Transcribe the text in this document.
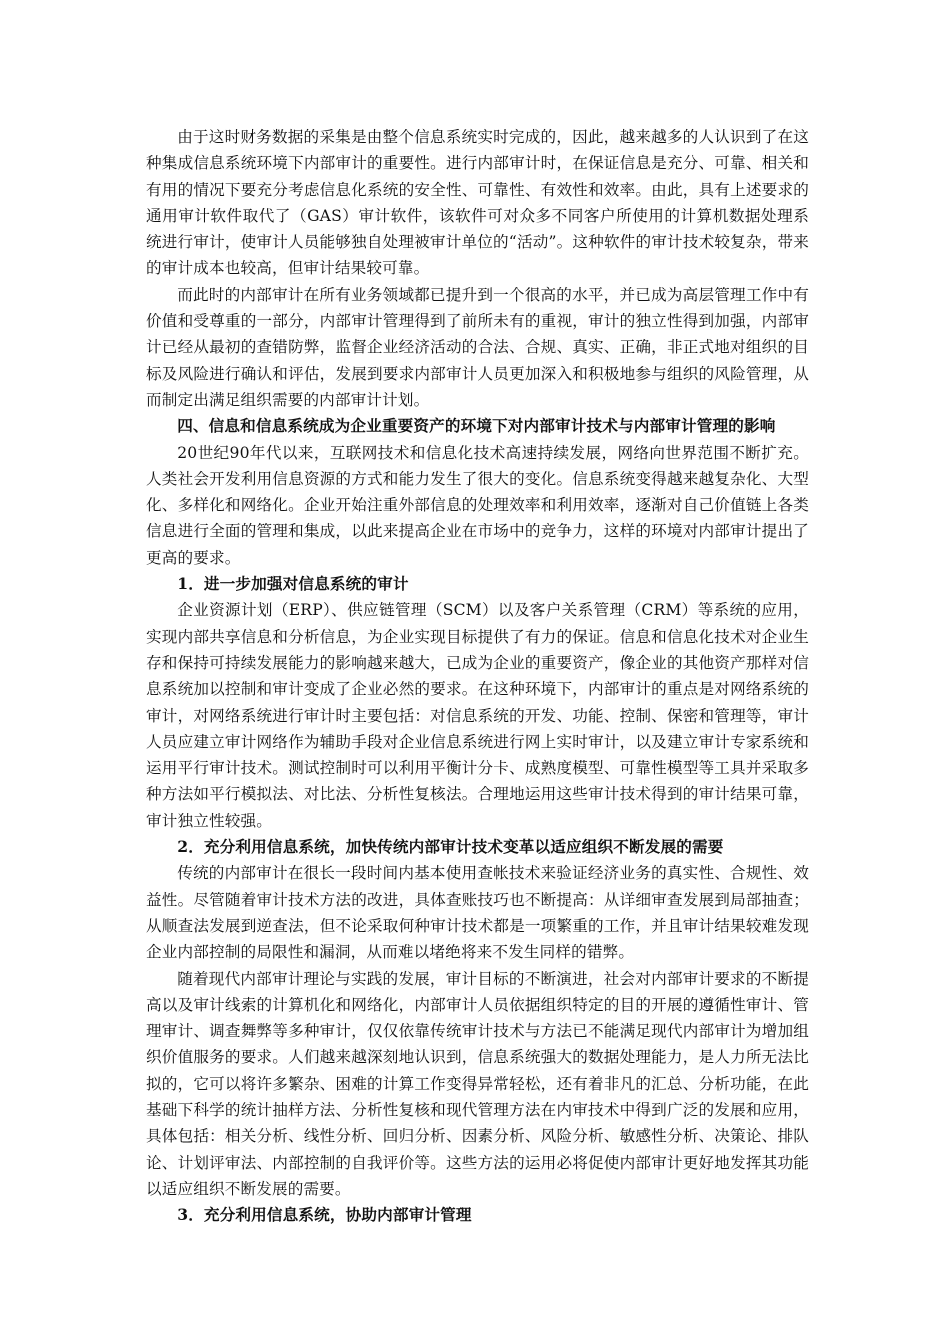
由于这时财务数据的采集是由整个信息系统实时完成的，因此，越来越多的人认识到了在这种集成信息系统环境下内部审计的重要性。进行内部审计时，在保证信息是充分、可靠、相关和有用的情况下要充分考虑信息化系统的安全性、可靠性、有效性和效率。由此，具有上述要求的通用审计软件取代了（GAS）审计软件，该软件可对众多不同客户所使用的计算机数据处理系统进行审计，使审计人员能够独自处理被审计单位的“活动”。这种软件的审计技术较复杂，带来的审计成本也较高，但审计结果较可靠。

而此时的内部审计在所有业务领域都已提升到一个很高的水平，并已成为高层管理工作中有价值和受尊重的一部分，内部审计管理得到了前所未有的重视，审计的独立性得到加强，内部审计已经从最初的查错防弊，监督企业经济活动的合法、合规、真实、正确，非正式地对组织的目标及风险进行确认和评估，发展到要求内部审计人员更加深入和积极地参与组织的风险管理，从而制定出满足组织需要的内部审计计划。

四、信息和信息系统成为企业重要资产的环境下对内部审计技术与内部审计管理的影响

20世纪90年代以来，互联网技术和信息化技术高速持续发展，网络向世界范围不断扩充。人类社会开发利用信息资源的方式和能力发生了很大的变化。信息系统变得越来越复杂化、大型化、多样化和网络化。企业开始注重外部信息的处理效率和利用效率，逐渐对自己价值链上各类信息进行全面的管理和集成，以此来提高企业在市场中的竞争力，这样的环境对内部审计提出了更高的要求。

1．进一步加强对信息系统的审计

企业资源计划（ERP）、供应链管理（SCM）以及客户关系管理（CRM）等系统的应用，实现内部共享信息和分析信息，为企业实现目标提供了有力的保证。信息和信息化技术对企业生存和保持可持续发展能力的影响越来越大，已成为企业的重要资产，像企业的其他资产那样对信息系统加以控制和审计变成了企业必然的要求。在这种环境下，内部审计的重点是对网络系统的审计，对网络系统进行审计时主要包括：对信息系统的开发、功能、控制、保密和管理等，审计人员应建立审计网络作为辅助手段对企业信息系统进行网上实时审计，以及建立审计专家系统和运用平行审计技术。测试控制时可以利用平衡计分卡、成熟度模型、可靠性模型等工具并采取多种方法如平行模拟法、对比法、分析性复核法。合理地运用这些审计技术得到的审计结果可靠，审计独立性较强。

2．充分利用信息系统，加快传统内部审计技术变革以适应组织不断发展的需要

传统的内部审计在很长一段时间内基本使用查帐技术来验证经济业务的真实性、合规性、效益性。尽管随着审计技术方法的改进，具体查账技巧也不断提高：从详细审查发展到局部抽查；从顺查法发展到逆查法，但不论采取何种审计技术都是一项繁重的工作，并且审计结果较难发现企业内部控制的局限性和漏洞，从而难以堵绝将来不发生同样的错弊。

随着现代内部审计理论与实践的发展，审计目标的不断演进，社会对内部审计要求的不断提高以及审计线索的计算机化和网络化，内部审计人员依据组织特定的目的开展的遵循性审计、管理审计、调查舞弊等多种审计，仅仅依靠传统审计技术与方法已不能满足现代内部审计为增加组织价值服务的要求。人们越来越深刻地认识到，信息系统强大的数据处理能力，是人力所无法比拟的，它可以将许多繁杂、困难的计算工作变得异常轻松，还有着非凡的汇总、分析功能，在此基础下科学的统计抽样方法、分析性复核和现代管理方法在内审技术中得到广泛的发展和应用，具体包括：相关分析、线性分析、回归分析、因素分析、风险分析、敏感性分析、决策论、排队论、计划评审法、内部控制的自我评价等。这些方法的运用必将促使内部审计更好地发挥其功能以适应组织不断发展的需要。

3．充分利用信息系统，协助内部审计管理
